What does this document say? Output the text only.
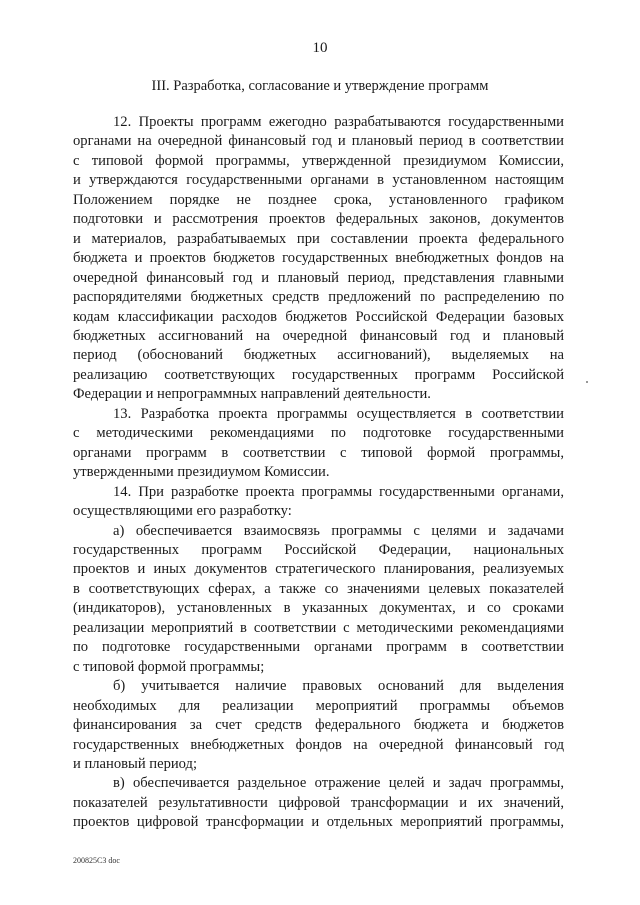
10
III. Разработка, согласование и утверждение программ
12. Проекты программ ежегодно разрабатываются государственными
органами на очередной финансовый год и плановый период в соответствии
с типовой формой программы, утвержденной президиумом Комиссии,
и утверждаются государственными органами в установленном настоящим
Положением порядке не позднее срока, установленного графиком
подготовки и рассмотрения проектов федеральных законов, документов
и материалов, разрабатываемых при составлении проекта федерального
бюджета и проектов бюджетов государственных внебюджетных фондов на
очередной финансовый год и плановый период, представления главными
распорядителями бюджетных средств предложений по распределению по
кодам классификации расходов бюджетов Российской Федерации базовых
бюджетных ассигнований на очередной финансовый год и плановый
период (обоснований бюджетных ассигнований), выделяемых на
реализацию соответствующих государственных программ Российской
Федерации и непрограммных направлений деятельности.
13. Разработка проекта программы осуществляется в соответствии
с методическими рекомендациями по подготовке государственными
органами программ в соответствии с типовой формой программы,
утвержденными президиумом Комиссии.
14. При разработке проекта программы государственными органами,
осуществляющими его разработку:
а) обеспечивается взаимосвязь программы с целями и задачами
государственных программ Российской Федерации, национальных
проектов и иных документов стратегического планирования, реализуемых
в соответствующих сферах, а также со значениями целевых показателей
(индикаторов), установленных в указанных документах, и со сроками
реализации мероприятий в соответствии с методическими рекомендациями
по подготовке государственными органами программ в соответствии
с типовой формой программы;
б) учитывается наличие правовых оснований для выделения
необходимых для реализации мероприятий программы объемов
финансирования за счет средств федерального бюджета и бюджетов
государственных внебюджетных фондов на очередной финансовый год
и плановый период;
в) обеспечивается раздельное отражение целей и задач программы,
показателей результативности цифровой трансформации и их значений,
проектов цифровой трансформации и отдельных мероприятий программы,
200825С3 doc
